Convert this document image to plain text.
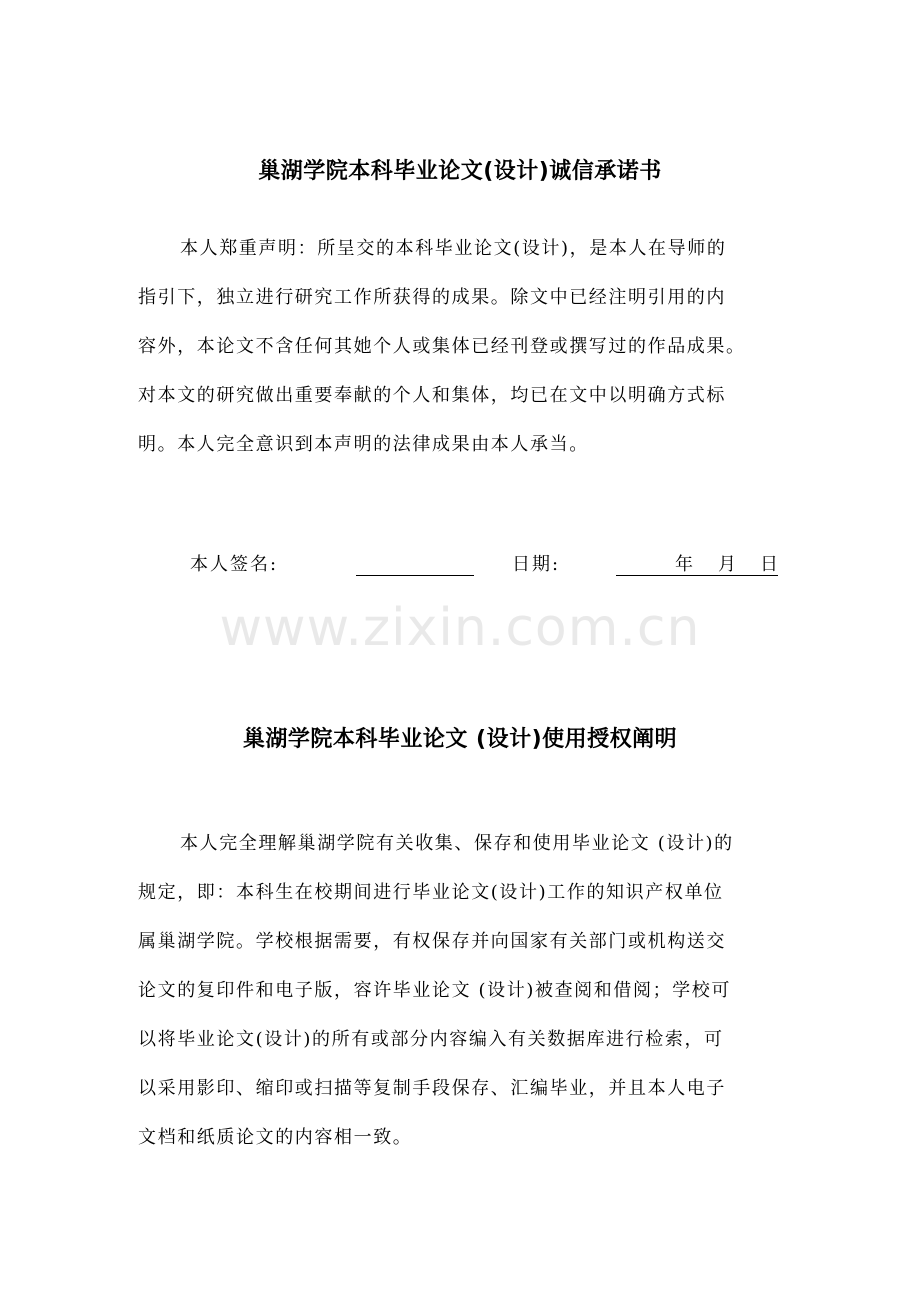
巢湖学院本科毕业论文(设计)诚信承诺书
本人郑重声明：所呈交的本科毕业论文(设计)，是本人在导师的
指引下，独立进行研究工作所获得的成果。除文中已经注明引用的内
容外，本论文不含任何其她个人或集体已经刊登或撰写过的作品成果。
对本文的研究做出重要奉献的个人和集体，均已在文中以明确方式标
明。本人完全意识到本声明的法律成果由本人承当。
本人签名:	日期:	年 月 日
www.zixin.com.cn
巢湖学院本科毕业论文 (设计)使用授权阐明
本人完全理解巢湖学院有关收集、保存和使用毕业论文 (设计)的
规定，即：本科生在校期间进行毕业论文(设计)工作的知识产权单位
属巢湖学院。学校根据需要，有权保存并向国家有关部门或机构送交
论文的复印件和电子版，容许毕业论文 (设计)被查阅和借阅；学校可
以将毕业论文(设计)的所有或部分内容编入有关数据库进行检索，可
以采用影印、缩印或扫描等复制手段保存、汇编毕业，并且本人电子
文档和纸质论文的内容相一致。
